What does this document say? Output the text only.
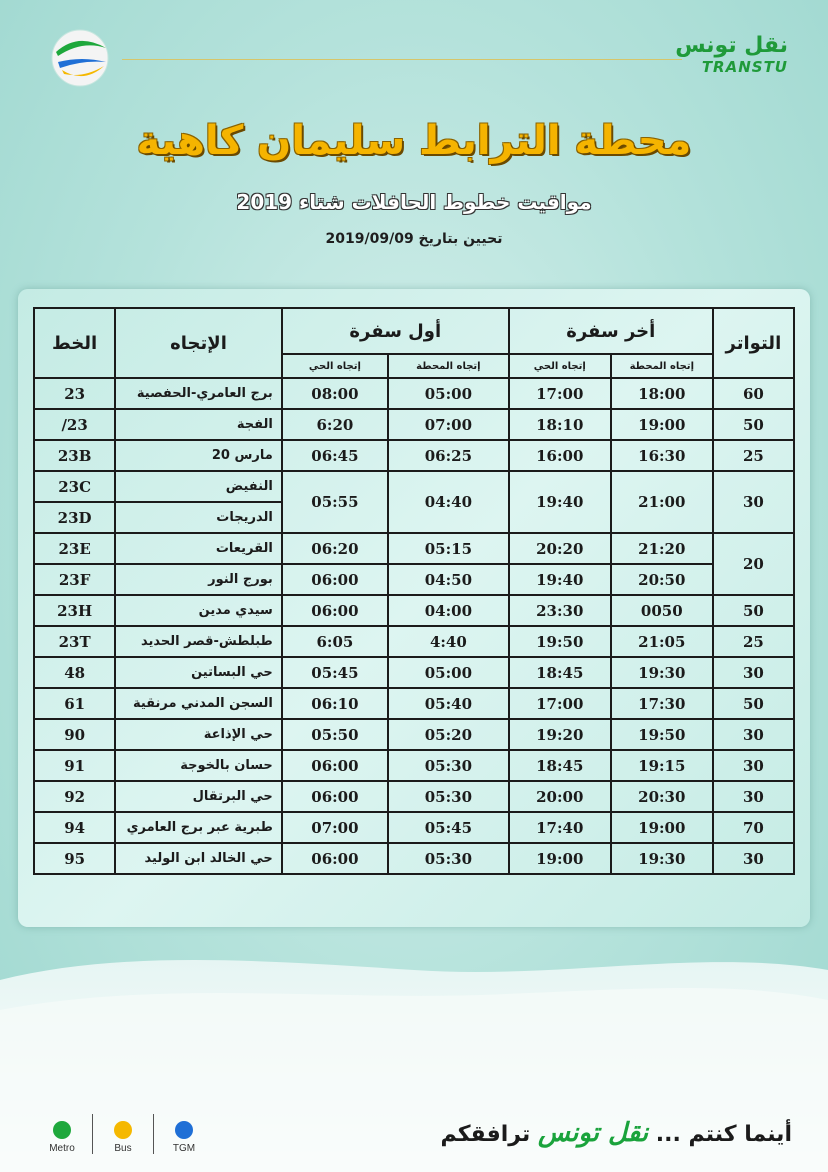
نقل تونس
TRANSTU
محطة الترابط سليمان كاهية
مواقيت خطوط الحافلات شتاء 2019
تحيين بتاريخ 2019/09/09
التواتر	أخر سفرة		أول سفرة		الإتجاه	الخط
	إتجاه المحطة	إتجاه الحي	إتجاه المحطة	إتجاه الحي		
60	18:00	17:00	05:00	08:00	برج العامري-الحفصية	23
50	19:00	18:10	07:00	6:20	الفجة	23/
25	16:30	16:00	06:25	06:45	مارس 20	23B
30	21:00	19:40	04:40	05:55	النفيض	23C
					الدريجات	23D
20	21:20	20:20	05:15	06:20	القريعات	23E
	20:50	19:40	04:50	06:00	بورج النور	23F
50	0050	23:30	04:00	06:00	سيدي مدين	23H
25	21:05	19:50	4:40	6:05	طبلطش-قصر الحديد	23T
30	19:30	18:45	05:00	05:45	حي البساتين	48
50	17:30	17:00	05:40	06:10	السجن المدني مرنقية	61
30	19:50	19:20	05:20	05:50	حي الإذاعة	90
30	19:15	18:45	05:30	06:00	حسان بالخوجة	91
30	20:30	20:00	05:30	06:00	حي البرتقال	92
70	19:00	17:40	05:45	07:00	طبرية عبر برج العامري	94
30	19:30	19:00	05:30	06:00	حي الخالد ابن الوليد	95
Metro	Bus	TGM
أينما كنتم ... نقل تونس ترافقكم
